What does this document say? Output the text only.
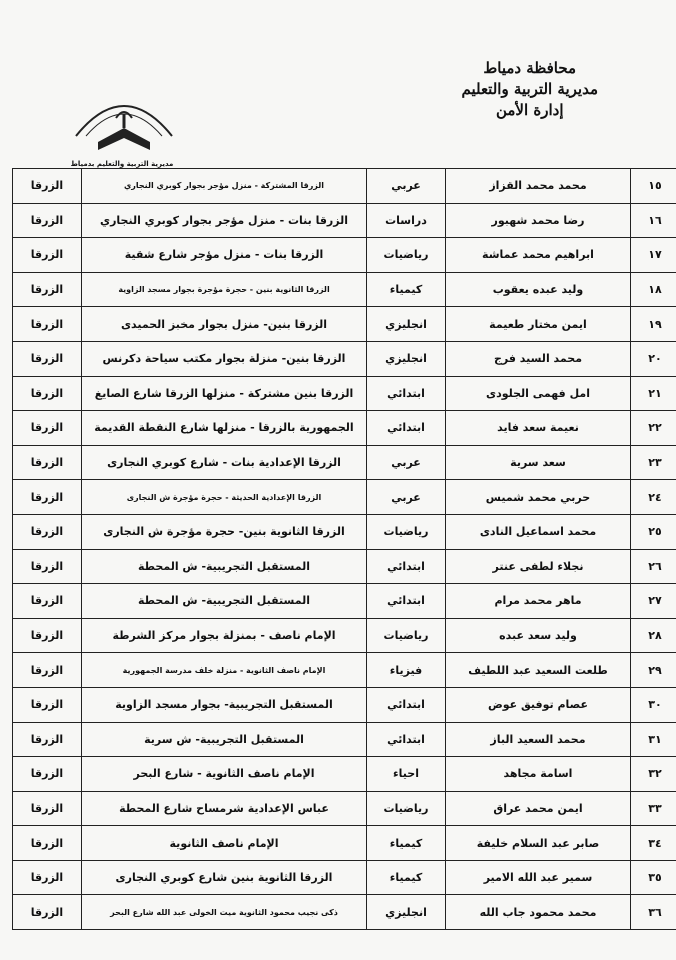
محافظة دمياط
مديرية التربية والتعليم
إدارة الأمن
مديرية التربية والتعليم بدمياط
١٥	محمد محمد القزاز	عربي	الزرقا المشتركة - منزل مؤجر بجوار كوبري النجاري	الزرقا
١٦	رضا محمد شهبور	دراسات	الزرقا بنات - منزل مؤجر بجوار كوبري النجاري	الزرقا
١٧	ابراهيم محمد عماشة	رياضيات	الزرقا بنات - منزل مؤجر شارع شقية	الزرقا
١٨	وليد عبده يعقوب	كيمياء	الزرقا الثانوية بنين - حجرة مؤجرة بجوار مسجد الزاوية	الزرقا
١٩	ايمن مختار طعيمة	انجليزي	الزرقا بنين- منزل بجوار مخبز الحميدى	الزرقا
٢٠	محمد السيد فرج	انجليزي	الزرقا بنين- منزلة بجوار مكتب سياحة دكرنس	الزرقا
٢١	امل فهمى الجلودى	ابتدائي	الزرقا بنين مشتركة - منزلها الزرقا شارع الصايغ	الزرقا
٢٢	نعيمة سعد فايد	ابتدائي	الجمهورية بالزرقا - منزلها شارع النقطة القديمة	الزرقا
٢٣	سعد سرية	عربي	الزرقا الإعدادية بنات - شارع كوبري النجارى	الزرقا
٢٤	حربي محمد شميس	عربي	الزرقا الإعدادية الحديثة - حجرة مؤجرة ش النجارى	الزرقا
٢٥	محمد اسماعيل النادى	رياضيات	الزرقا الثانوية بنين- حجرة مؤجرة ش النجارى	الزرقا
٢٦	نجلاء لطفى عنتر	ابتدائي	المستقبل التجريبية- ش المحطة	الزرقا
٢٧	ماهر محمد مرام	ابتدائي	المستقبل التجريبية- ش المحطة	الزرقا
٢٨	وليد سعد عبده	رياضيات	الإمام ناصف - بمنزلة بجوار مركز الشرطة	الزرقا
٢٩	طلعت السعيد عبد اللطيف	فيزياء	الإمام ناصف الثانوية - منزلة خلف مدرسة الجمهورية	الزرقا
٣٠	عصام توفيق عوض	ابتدائي	المستقبل التجريبية- بجوار مسجد الزاوية	الزرقا
٣١	محمد السعيد الباز	ابتدائي	المستقبل التجريبية- ش سرية	الزرقا
٣٢	اسامة مجاهد	احياء	الإمام ناصف الثانوية - شارع البحر	الزرقا
٣٣	ايمن محمد عراق	رياضيات	عباس الإعدادية شرمساح شارع المحطة	الزرقا
٣٤	صابر عبد السلام خليفة	كيمياء	الإمام ناصف الثانوية	الزرقا
٣٥	سمير عبد الله الامير	كيمياء	الزرقا الثانوية بنين شارع كوبري النجارى	الزرقا
٣٦	محمد محمود جاب الله	انجليزي	ذكى نجيب محمود الثانوية ميت الخولى عبد الله شارع البحر	الزرقا
